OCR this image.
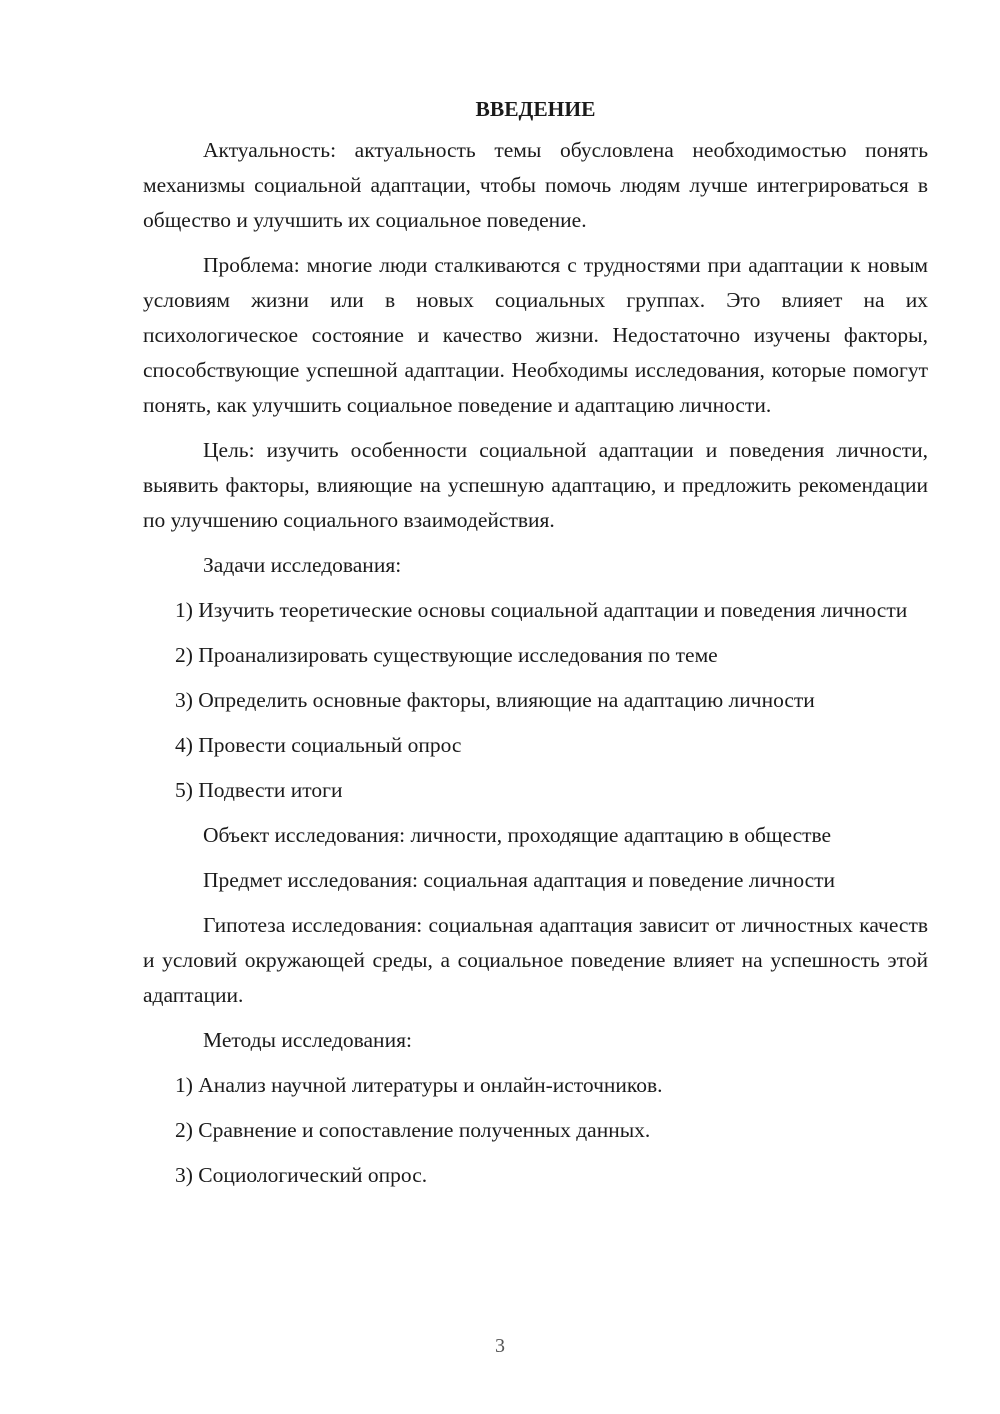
ВВЕДЕНИЕ

Актуальность: актуальность темы обусловлена необходимостью понять механизмы социальной адаптации, чтобы помочь людям лучше интегрироваться в общество и улучшить их социальное поведение.

Проблема: многие люди сталкиваются с трудностями при адаптации к новым условиям жизни или в новых социальных группах. Это влияет на их психологическое состояние и качество жизни. Недостаточно изучены факторы, способствующие успешной адаптации. Необходимы исследования, которые помогут понять, как улучшить социальное поведение и адаптацию личности.

Цель: изучить особенности социальной адаптации и поведения личности, выявить факторы, влияющие на успешную адаптацию, и предложить рекомендации по улучшению социального взаимодействия.

Задачи исследования:

1) Изучить теоретические основы социальной адаптации и поведения личности

2) Проанализировать существующие исследования по теме

3) Определить основные факторы, влияющие на адаптацию личности

4) Провести социальный опрос

5) Подвести итоги

Объект исследования: личности, проходящие адаптацию в обществе

Предмет исследования: социальная адаптация и поведение личности

Гипотеза исследования: социальная адаптация зависит от личностных качеств и условий окружающей среды, а социальное поведение влияет на успешность этой адаптации.

Методы исследования:

1) Анализ научной литературы и онлайн-источников.

2) Сравнение и сопоставление полученных данных.

3) Социологический опрос.

3
